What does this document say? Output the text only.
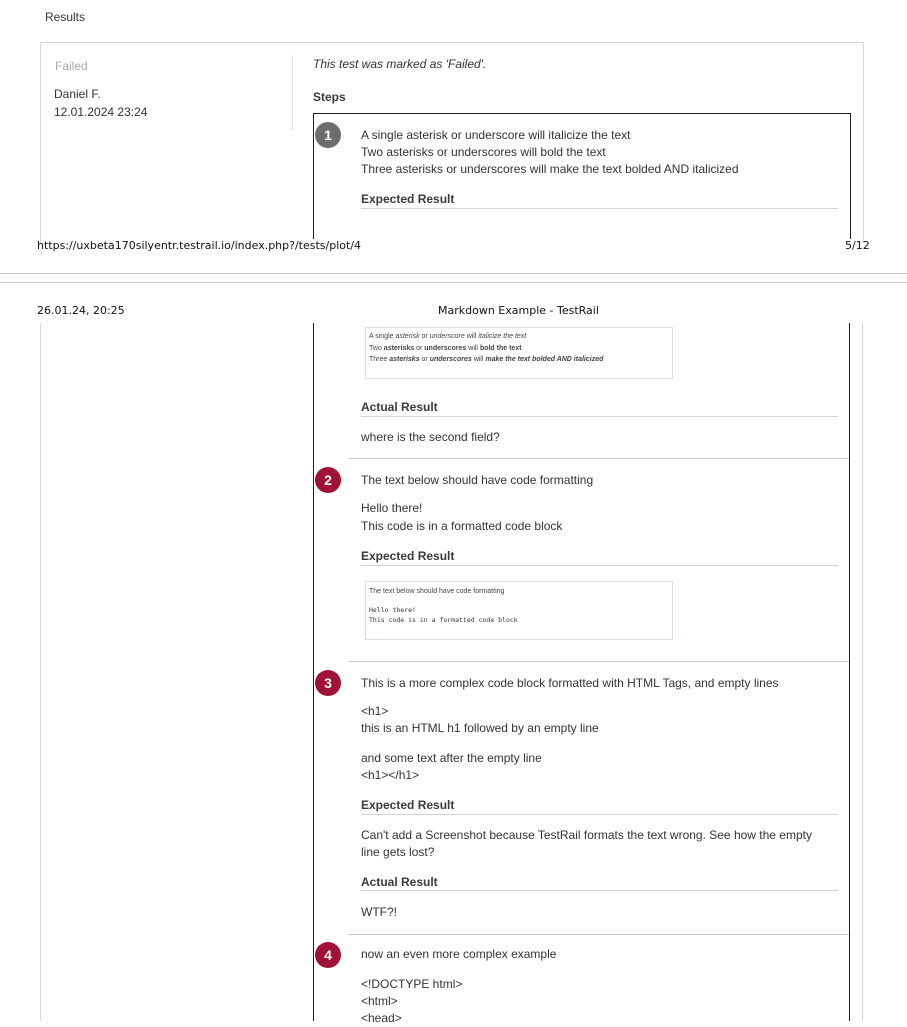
Results
Failed
Daniel F.
12.01.2024 23:24
This test was marked as 'Failed'.
Steps
1	A single asterisk or underscore will italicize the text
Two asterisks or underscores will bold the text
Three asterisks or underscores will make the text bolded AND italicized
Expected Result
https://uxbeta170silyentr.testrail.io/index.php?/tests/plot/4	5/12
26.01.24, 20:25	Markdown Example - TestRail
A single asterisk or underscore will italicize the text
Two asterisks or underscores will bold the text
Three asterisks or underscores will make the text bolded AND italicized
Actual Result
where is the second field?
2	The text below should have code formatting
Hello there!
This code is in a formatted code block
Expected Result
The text below should have code formatting
Hello there!
This code is in a formatted code block
3	This is a more complex code block formatted with HTML Tags, and empty lines
<h1>
this is an HTML h1 followed by an empty line
and some text after the empty line
<h1></h1>
Expected Result
Can't add a Screenshot because TestRail formats the text wrong. See how the empty
line gets lost?
Actual Result
WTF?!
4	now an even more complex example
<!DOCTYPE html>
<html>
<head>
